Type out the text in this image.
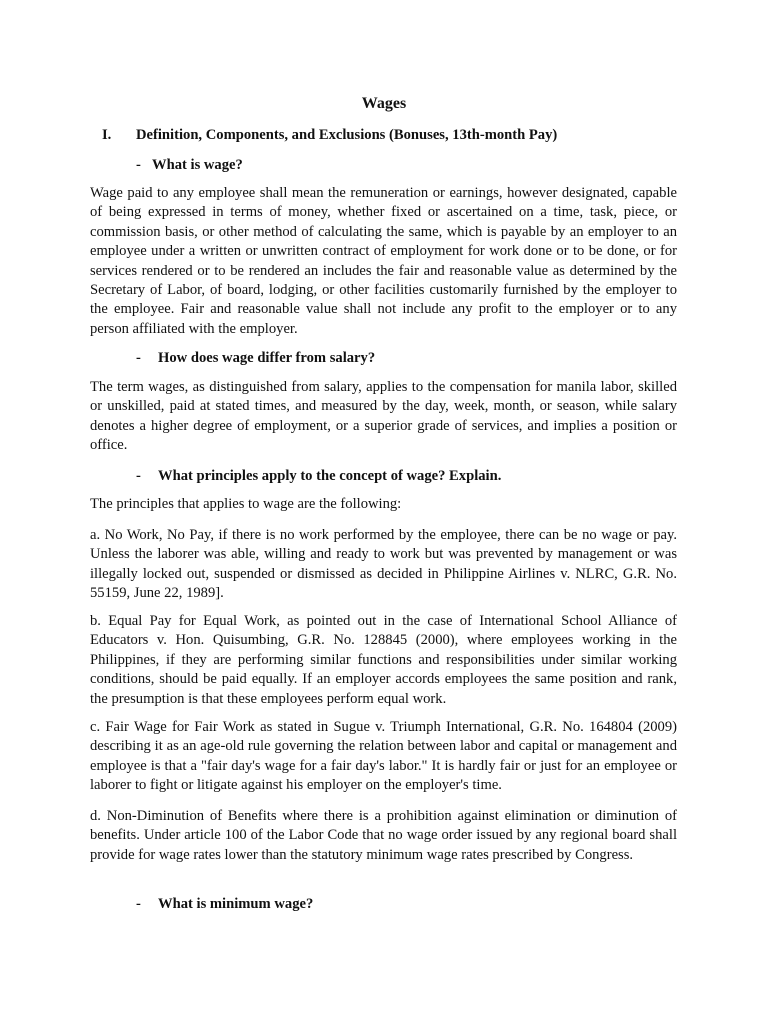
Wages
I. Definition, Components, and Exclusions (Bonuses, 13th-month Pay)
- What is wage?

Wage paid to any employee shall mean the remuneration or earnings, however designated, capable of being expressed in terms of money, whether fixed or ascertained on a time, task, piece, or commission basis, or other method of calculating the same, which is payable by an employer to an employee under a written or unwritten contract of employment for work done or to be done, or for services rendered or to be rendered an includes the fair and reasonable value as determined by the Secretary of Labor, of board, lodging, or other facilities customarily furnished by the employer to the employee. Fair and reasonable value shall not include any profit to the employer or to any person affiliated with the employer.

- How does wage differ from salary?

The term wages, as distinguished from salary, applies to the compensation for manila labor, skilled or unskilled, paid at stated times, and measured by the day, week, month, or season, while salary denotes a higher degree of employment, or a superior grade of services, and implies a position or office.

- What principles apply to the concept of wage? Explain.

The principles that applies to wage are the following:

a. No Work, No Pay, if there is no work performed by the employee, there can be no wage or pay. Unless the laborer was able, willing and ready to work but was prevented by management or was illegally locked out, suspended or dismissed as decided in Philippine Airlines v. NLRC, G.R. No. 55159, June 22, 1989].

b. Equal Pay for Equal Work, as pointed out in the case of International School Alliance of Educators v. Hon. Quisumbing, G.R. No. 128845 (2000), where employees working in the Philippines, if they are performing similar functions and responsibilities under similar working conditions, should be paid equally. If an employer accords employees the same position and rank, the presumption is that these employees perform equal work.

c. Fair Wage for Fair Work as stated in Sugue v. Triumph International, G.R. No. 164804 (2009) describing it as an age-old rule governing the relation between labor and capital or management and employee is that a "fair day's wage for a fair day's labor." It is hardly fair or just for an employee or laborer to fight or litigate against his employer on the employer's time.

d. Non-Diminution of Benefits where there is a prohibition against elimination or diminution of benefits. Under article 100 of the Labor Code that no wage order issued by any regional board shall provide for wage rates lower than the statutory minimum wage rates prescribed by Congress.

- What is minimum wage?
